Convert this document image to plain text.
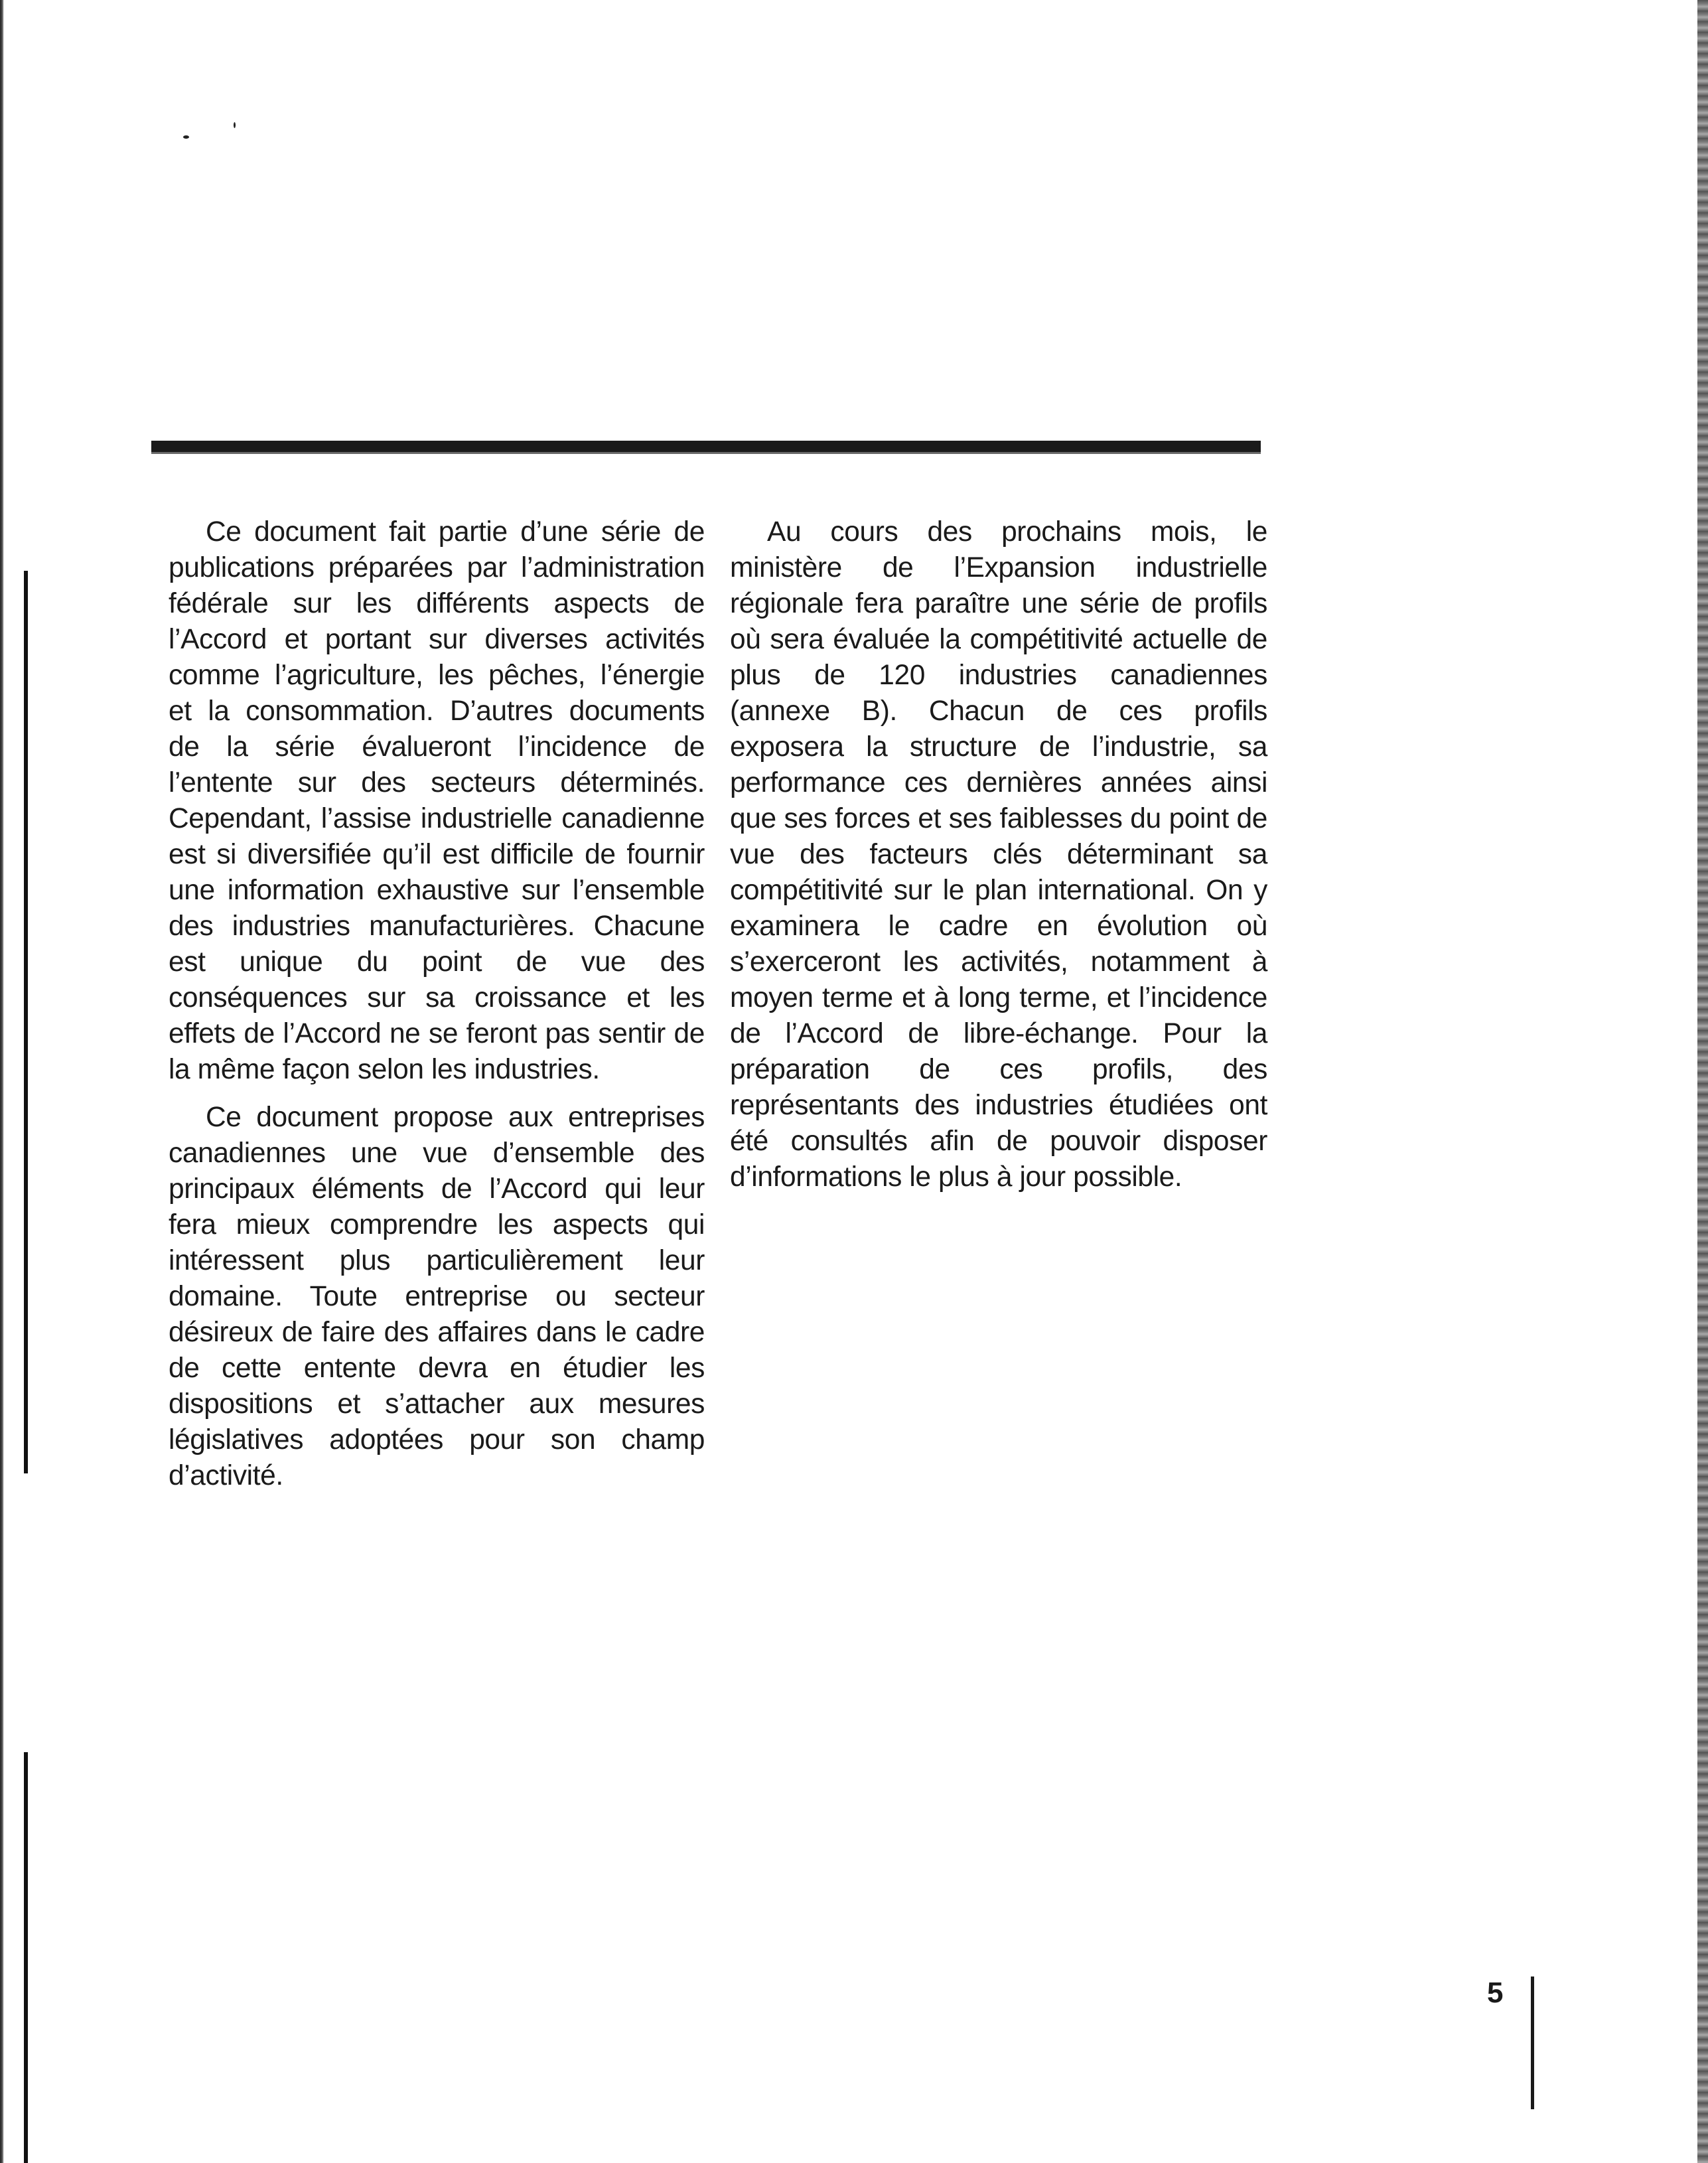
Ce document fait partie d’une série de publications préparées par l’administration fédérale sur les différents aspects de l’Accord et portant sur diverses activités comme l’agriculture, les pêches, l’énergie et la consommation. D’autres documents de la série évalueront l’incidence de l’entente sur des secteurs déterminés. Cependant, l’assise industrielle canadienne est si diversifiée qu’il est difficile de fournir une information exhaustive sur l’ensemble des industries manufacturières. Chacune est unique du point de vue des conséquences sur sa croissance et les effets de l’Accord ne se feront pas sentir de la même façon selon les industries.

Ce document propose aux entreprises canadiennes une vue d’ensemble des principaux éléments de l’Accord qui leur fera mieux comprendre les aspects qui intéressent plus particulièrement leur domaine. Toute entreprise ou secteur désireux de faire des affaires dans le cadre de cette entente devra en étudier les dispositions et s’attacher aux mesures législatives adoptées pour son champ d’activité.

Au cours des prochains mois, le ministère de l’Expansion industrielle régionale fera paraître une série de profils où sera évaluée la compétitivité actuelle de plus de 120 industries canadiennes (annexe B). Chacun de ces profils exposera la structure de l’industrie, sa performance ces dernières années ainsi que ses forces et ses faiblesses du point de vue des facteurs clés déterminant sa compétitivité sur le plan international. On y examinera le cadre en évolution où s’exerceront les activités, notamment à moyen terme et à long terme, et l’incidence de l’Accord de libre-échange. Pour la préparation de ces profils, des représentants des industries étudiées ont été consultés afin de pouvoir disposer d’informations le plus à jour possible.

5
